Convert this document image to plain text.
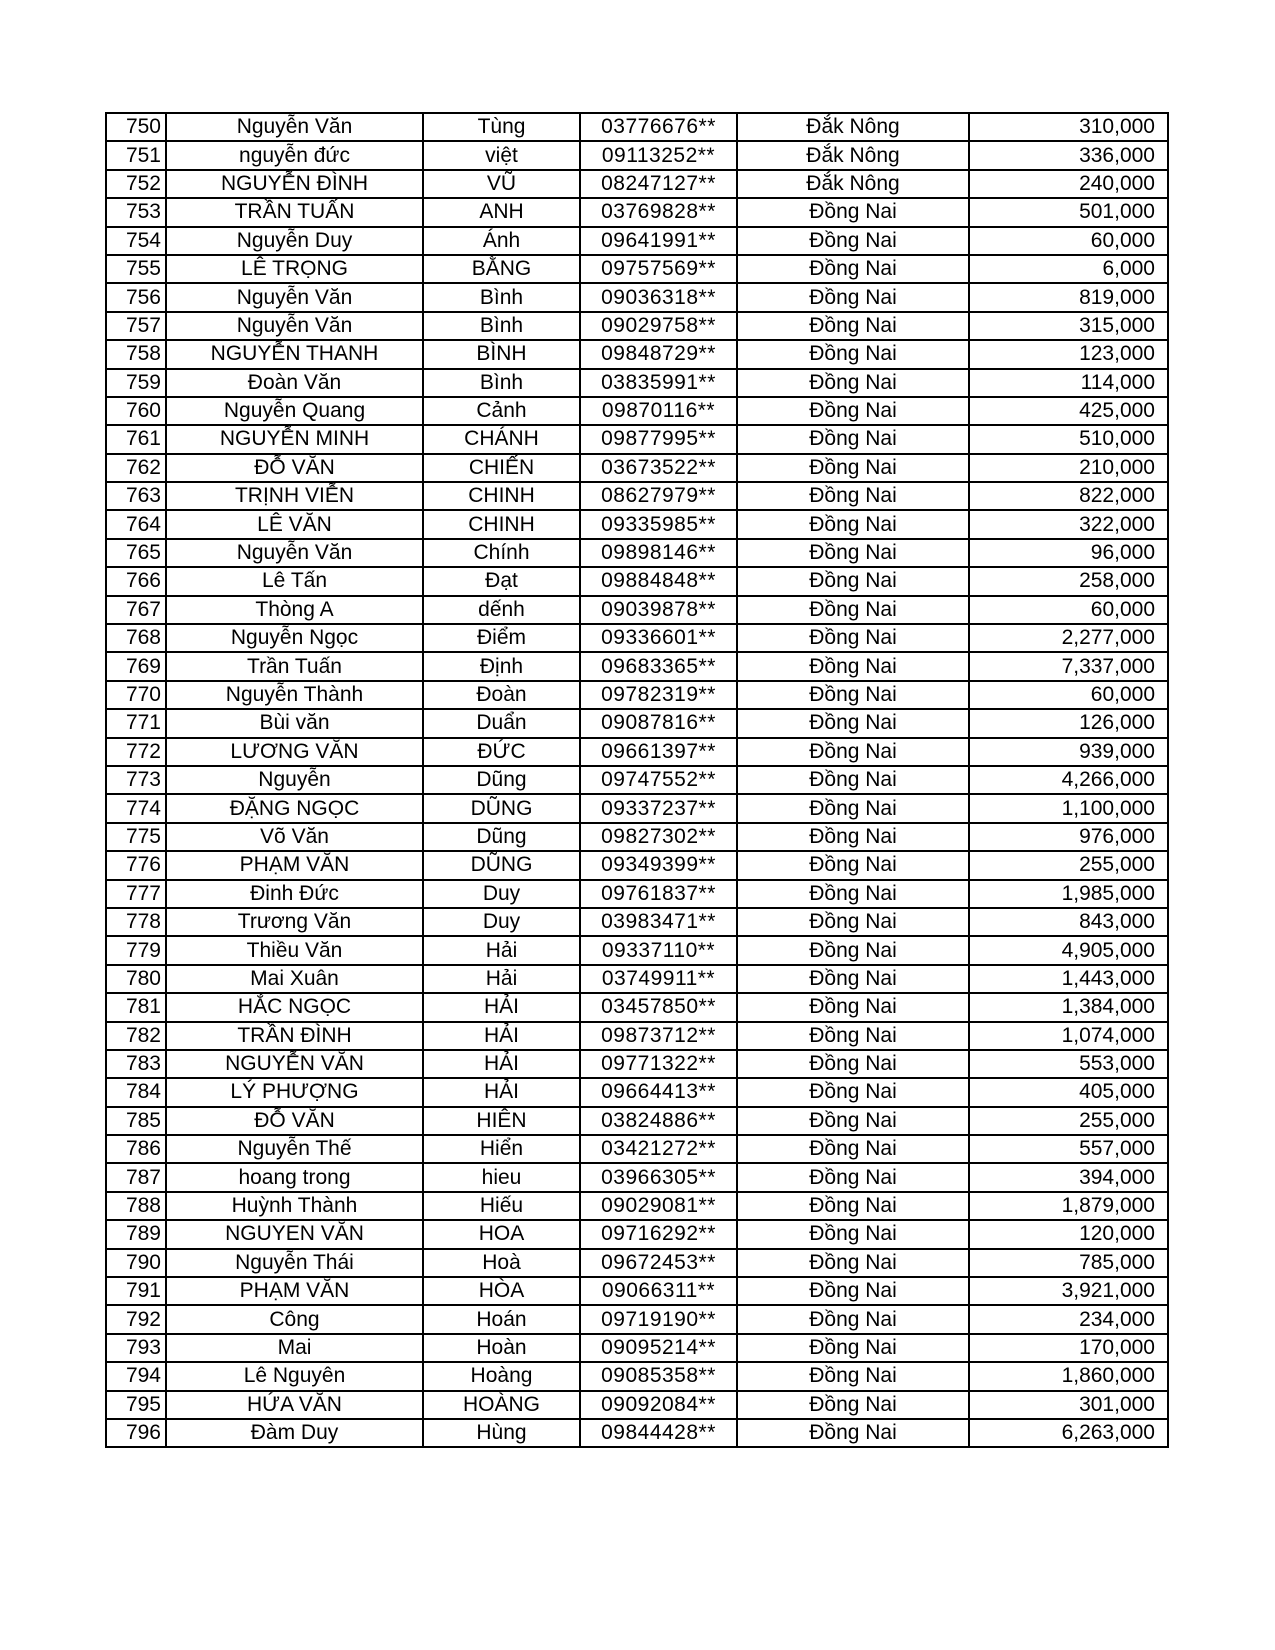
750	Nguyễn Văn	Tùng	03776676**	Đắk Nông	310,000
751	nguyễn đức	việt	09113252**	Đắk Nông	336,000
752	NGUYỄN ĐÌNH	VŨ	08247127**	Đắk Nông	240,000
753	TRẦN TUẤN	ANH	03769828**	Đồng Nai	501,000
754	Nguyễn Duy	Ánh	09641991**	Đồng Nai	60,000
755	LÊ TRỌNG	BẰNG	09757569**	Đồng Nai	6,000
756	Nguyễn Văn	Bình	09036318**	Đồng Nai	819,000
757	Nguyễn Văn	Bình	09029758**	Đồng Nai	315,000
758	NGUYỄN THANH	BÌNH	09848729**	Đồng Nai	123,000
759	Đoàn Văn	Bình	03835991**	Đồng Nai	114,000
760	Nguyễn Quang	Cảnh	09870116**	Đồng Nai	425,000
761	NGUYỄN MINH	CHÁNH	09877995**	Đồng Nai	510,000
762	ĐỖ VĂN	CHIẾN	03673522**	Đồng Nai	210,000
763	TRỊNH VIỄN	CHINH	08627979**	Đồng Nai	822,000
764	LÊ VĂN	CHINH	09335985**	Đồng Nai	322,000
765	Nguyễn Văn	Chính	09898146**	Đồng Nai	96,000
766	Lê Tấn	Đạt	09884848**	Đồng Nai	258,000
767	Thòng A	dếnh	09039878**	Đồng Nai	60,000
768	Nguyễn Ngọc	Điểm	09336601**	Đồng Nai	2,277,000
769	Trần Tuấn	Định	09683365**	Đồng Nai	7,337,000
770	Nguyễn Thành	Đoàn	09782319**	Đồng Nai	60,000
771	Bùi văn	Duẩn	09087816**	Đồng Nai	126,000
772	LƯƠNG VĂN	ĐỨC	09661397**	Đồng Nai	939,000
773	Nguyễn	Dũng	09747552**	Đồng Nai	4,266,000
774	ĐẶNG NGỌC	DŨNG	09337237**	Đồng Nai	1,100,000
775	Võ Văn	Dũng	09827302**	Đồng Nai	976,000
776	PHẠM VĂN	DŨNG	09349399**	Đồng Nai	255,000
777	Đinh Đức	Duy	09761837**	Đồng Nai	1,985,000
778	Trương Văn	Duy	03983471**	Đồng Nai	843,000
779	Thiều Văn	Hải	09337110**	Đồng Nai	4,905,000
780	Mai Xuân	Hải	03749911**	Đồng Nai	1,443,000
781	HẮC NGỌC	HẢI	03457850**	Đồng Nai	1,384,000
782	TRẦN ĐÌNH	HẢI	09873712**	Đồng Nai	1,074,000
783	NGUYỄN VĂN	HẢI	09771322**	Đồng Nai	553,000
784	LÝ PHƯỢNG	HẢI	09664413**	Đồng Nai	405,000
785	ĐỖ VĂN	HIÊN	03824886**	Đồng Nai	255,000
786	Nguyễn Thế	Hiển	03421272**	Đồng Nai	557,000
787	hoang trong	hieu	03966305**	Đồng Nai	394,000
788	Huỳnh Thành	Hiếu	09029081**	Đồng Nai	1,879,000
789	NGUYEN VĂN	HOA	09716292**	Đồng Nai	120,000
790	Nguyễn Thái	Hoà	09672453**	Đồng Nai	785,000
791	PHẠM VĂN	HÒA	09066311**	Đồng Nai	3,921,000
792	Công	Hoán	09719190**	Đồng Nai	234,000
793	Mai	Hoàn	09095214**	Đồng Nai	170,000
794	Lê Nguyên	Hoàng	09085358**	Đồng Nai	1,860,000
795	HỨA VĂN	HOÀNG	09092084**	Đồng Nai	301,000
796	Đàm Duy	Hùng	09844428**	Đồng Nai	6,263,000
